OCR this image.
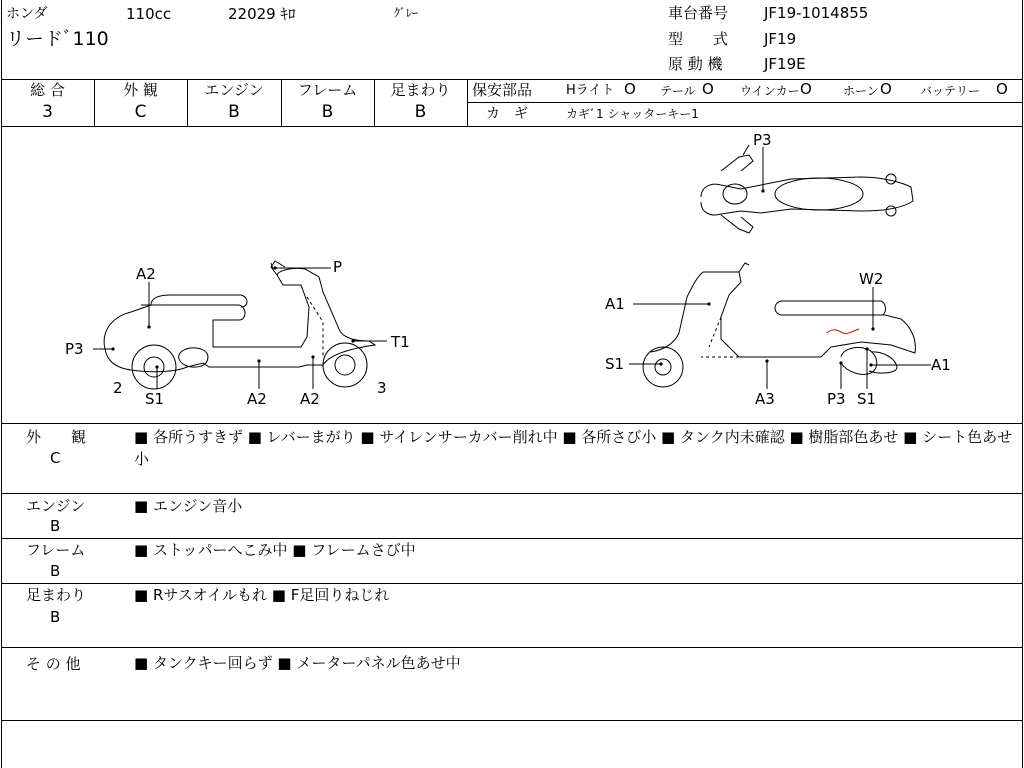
ホンダ	110cc	22029 ｷﾛ	ｸﾞﾚｰ
リードﾞ110
車台番号 JF19-1014855
型　　式 JF19
原 動 機	JF19E
総 合	外 観	エンジン	フレーム	足まわり
3	C	B	B	B
保安部品	Hライト O テール O ウインカー O	ホーン O バッテリー O
カ　ギ	カギﾞ1 シャッターキー1
A2	P
P3	T1
2
S1	A2 A2
3
A1
W2
S1	A1
A3	P3 S1
P3
外　　観
C
■ 各所うすきず ■ レバーまがり ■ サイレンサーカバー削れ中 ■ 各所さび小 ■ タンク内未確認 ■ 樹脂部色あせ ■ シート色あせ小
エンジン
B
■ エンジン音小
フレーム
B
■ ストッパーへこみ中 ■ フレームさび中
足まわり
B
■ Rサスオイルもれ ■ F足回りねじれ
そ の 他	■ タンクキー回らず ■ メーターパネル色あせ中
